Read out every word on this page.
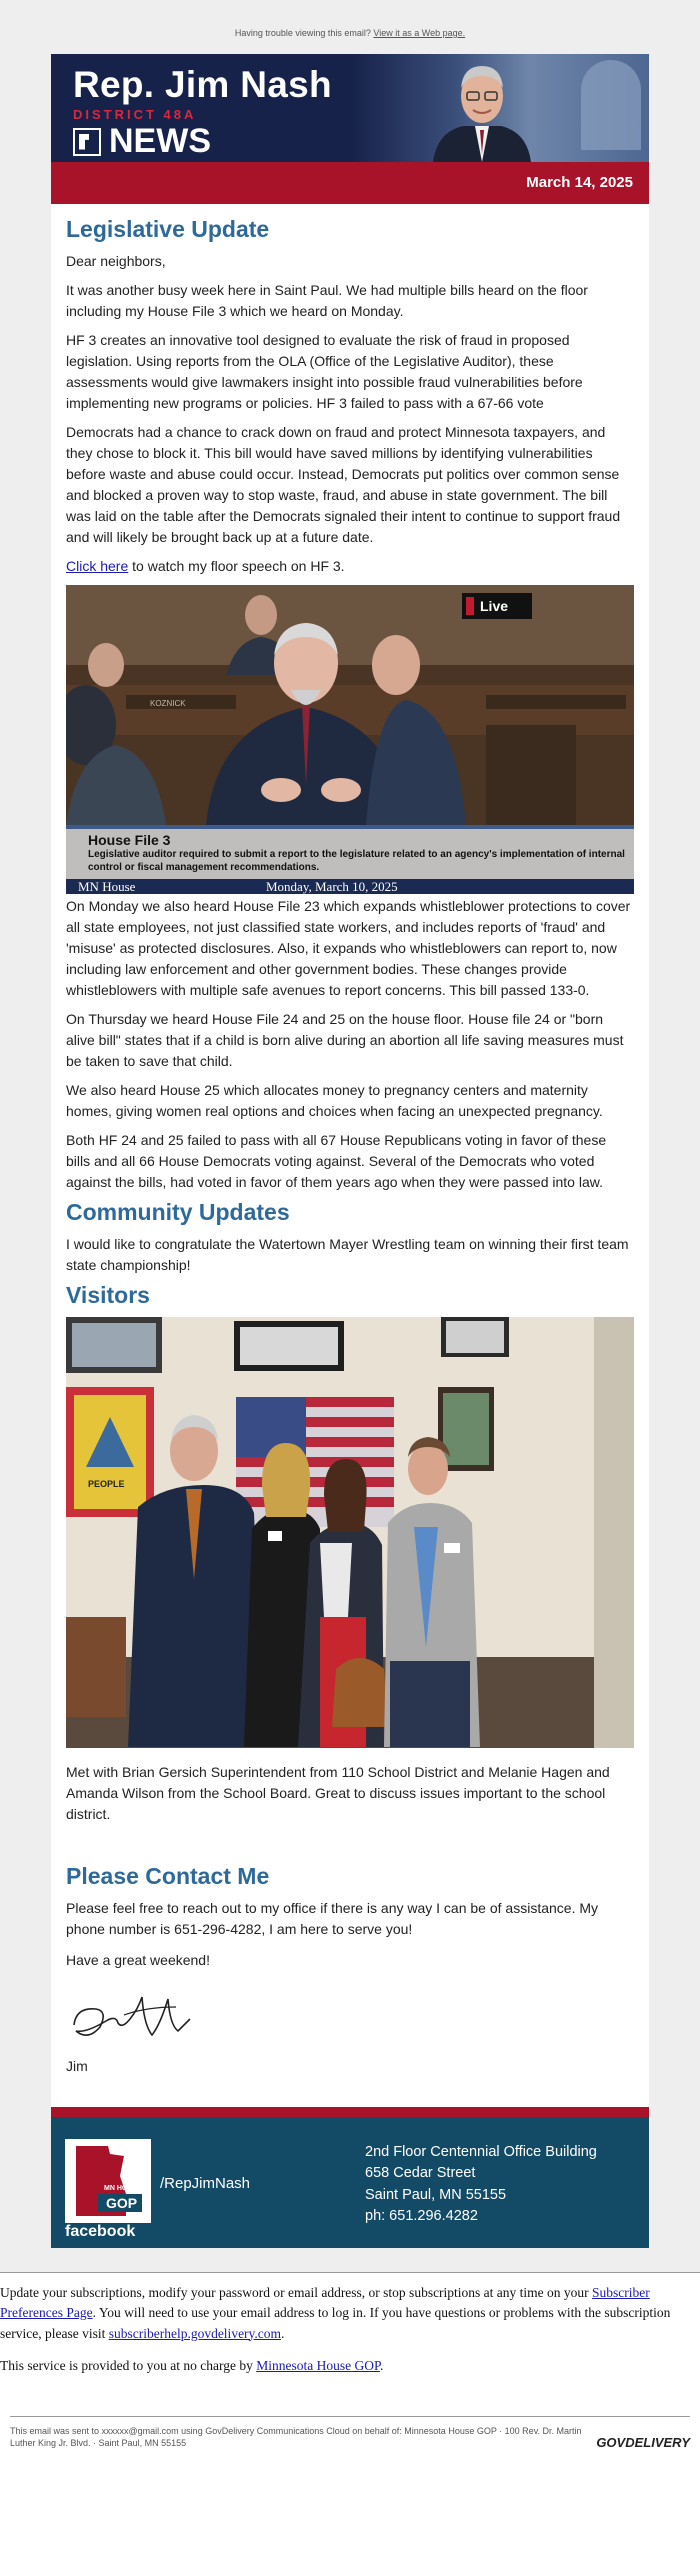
Having trouble viewing this email? View it as a Web page.
Rep. Jim Nash
DISTRICT 48A
NEWS
March 14, 2025
Legislative Update

Dear neighbors,

It was another busy week here in Saint Paul. We had multiple bills heard on the floor including my House File 3 which we heard on Monday.

HF 3 creates an innovative tool designed to evaluate the risk of fraud in proposed legislation. Using reports from the OLA (Office of the Legislative Auditor), these assessments would give lawmakers insight into possible fraud vulnerabilities before implementing new programs or policies. HF 3 failed to pass with a 67-66 vote

Democrats had a chance to crack down on fraud and protect Minnesota taxpayers, and they chose to block it. This bill would have saved millions by identifying vulnerabilities before waste and abuse could occur. Instead, Democrats put politics over common sense and blocked a proven way to stop waste, fraud, and abuse in state government. The bill was laid on the table after the Democrats signaled their intent to continue to support fraud and will likely be brought back up at a future date.

Click here to watch my floor speech on HF 3.

KOZNICK
Live
House File 3
Legislative auditor required to submit a report to the legislature related to an agency's implementation of internal control or fiscal management recommendations.
MN House	Monday, March 10, 2025

On Monday we also heard House File 23 which expands whistleblower protections to cover all state employees, not just classified state workers, and includes reports of 'fraud' and 'misuse' as protected disclosures. Also, it expands who whistleblowers can report to, now including law enforcement and other government bodies. These changes provide whistleblowers with multiple safe avenues to report concerns. This bill passed 133-0.

On Thursday we heard House File 24 and 25 on the house floor. House file 24 or "born alive bill" states that if a child is born alive during an abortion all life saving measures must be taken to save that child.

We also heard House 25 which allocates money to pregnancy centers and maternity homes, giving women real options and choices when facing an unexpected pregnancy.

Both HF 24 and 25 failed to pass with all 67 House Republicans voting in favor of these bills and all 66 House Democrats voting against. Several of the Democrats who voted against the bills, had voted in favor of them years ago when they were passed into law.

Community Updates

I would like to congratulate the Watertown Mayer Wrestling team on winning their first team state championship!

Visitors
PEOPLE

Met with Brian Gersich Superintendent from 110 School District and Melanie Hagen and Amanda Wilson from the School Board. Great to discuss issues important to the school district.

Please Contact Me

Please feel free to reach out to my office if there is any way I can be of assistance. My phone number is 651-296-4282, I am here to serve you!

Have a great weekend!

Jim

MN HOUSE
GOP
facebook
/RepJimNash
2nd Floor Centennial Office Building
658 Cedar Street
Saint Paul, MN 55155
ph: 651.296.4282

Update your subscriptions, modify your password or email address, or stop subscriptions at any time on your Subscriber Preferences Page. You will need to use your email address to log in. If you have questions or problems with the subscription service, please visit subscriberhelp.govdelivery.com.

This service is provided to you at no charge by Minnesota House GOP.

This email was sent to xxxxxx@gmail.com using GovDelivery Communications Cloud on behalf of: Minnesota House GOP · 100 Rev. Dr. Martin Luther King Jr. Blvd. · Saint Paul, MN 55155	GOVDELIVERY
